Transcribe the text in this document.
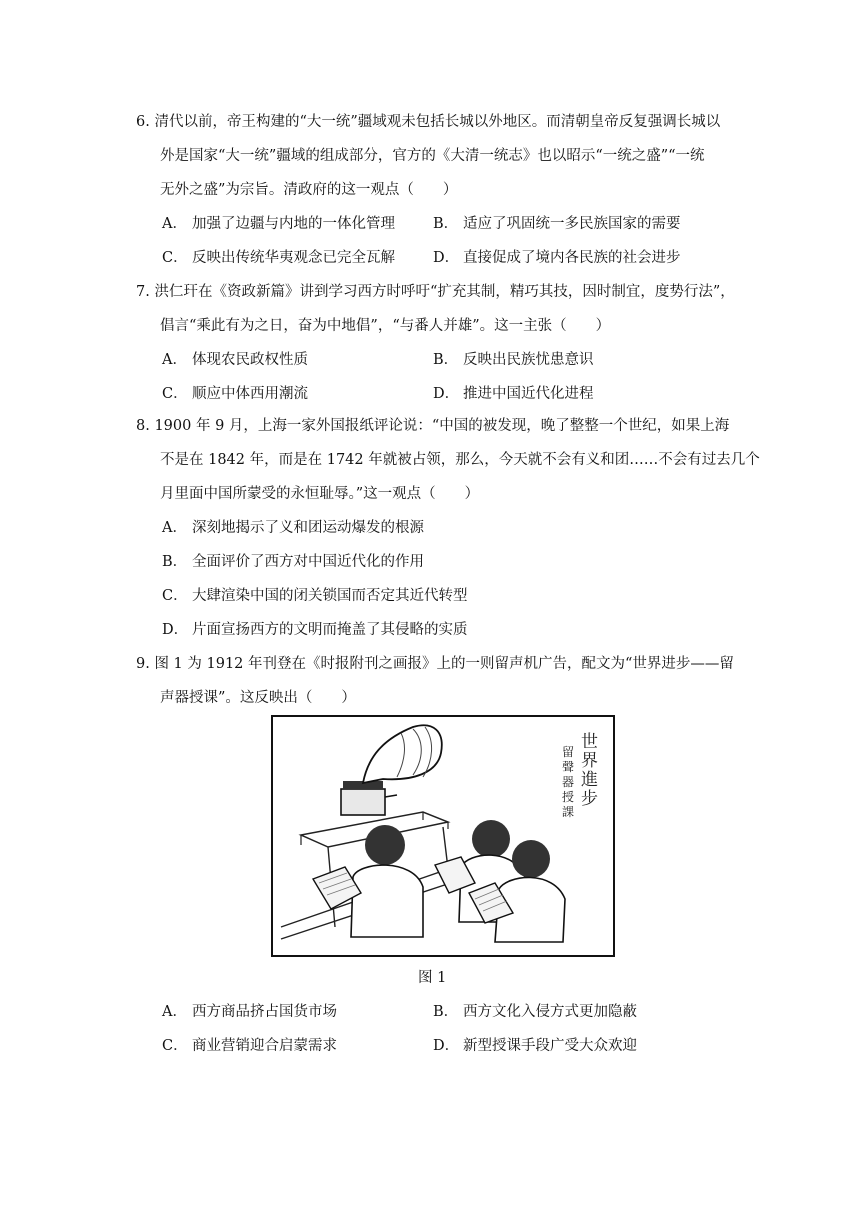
6. 清代以前，帝王构建的“大一统”疆域观未包括长城以外地区。而清朝皇帝反复强调长城以
外是国家“大一统”疆域的组成部分，官方的《大清一统志》也以昭示“一统之盛”“一统
无外之盛”为宗旨。清政府的这一观点（　　）
A． 加强了边疆与内地的一体化管理	B． 适应了巩固统一多民族国家的需要
C． 反映出传统华夷观念已完全瓦解	D． 直接促成了境内各民族的社会进步
7. 洪仁玕在《资政新篇》讲到学习西方时呼吁“扩充其制，精巧其技，因时制宜，度势行法”，
倡言“乘此有为之日，奋为中地倡”，“与番人并雄”。这一主张（　　）
A． 体现农民政权性质	B． 反映出民族忧患意识
C． 顺应中体西用潮流	D． 推进中国近代化进程
8. 1900 年 9 月，上海一家外国报纸评论说：“中国的被发现，晚了整整一个世纪，如果上海
不是在 1842 年，而是在 1742 年就被占领，那么，今天就不会有义和团……不会有过去几个
月里面中国所蒙受的永恒耻辱。”这一观点（　　）
A． 深刻地揭示了义和团运动爆发的根源
B． 全面评价了西方对中国近代化的作用
C． 大肆渲染中国的闭关锁国而否定其近代转型
D． 片面宣扬西方的文明而掩盖了其侵略的实质
9. 图 1 为 1912 年刊登在《时报附刊之画报》上的一则留声机广告，配文为“世界进步——留
声器授课”。这反映出（　　）
世界進步
留聲器授課
图 1
A． 西方商品挤占国货市场	B． 西方文化入侵方式更加隐蔽
C． 商业营销迎合启蒙需求	D． 新型授课手段广受大众欢迎
